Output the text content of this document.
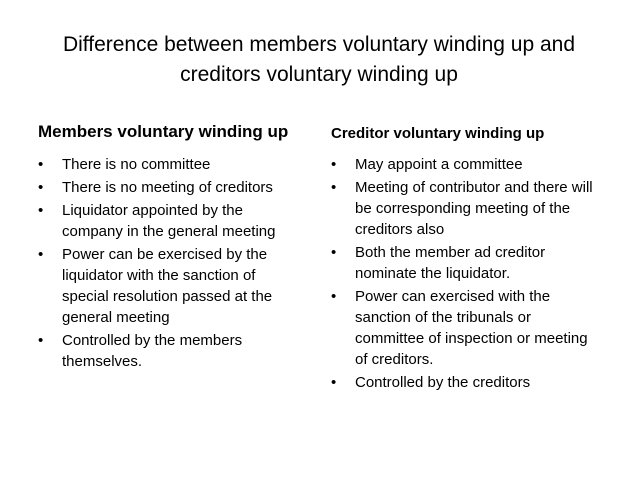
Difference between members voluntary winding up and
creditors voluntary winding up
Members voluntary winding up	Creditor voluntary winding up
• There is no committee
• There is no meeting of creditors
• Liquidator appointed by the company in the general meeting
• Power can be exercised by the liquidator with the sanction of special resolution passed at the general meeting
• Controlled by the members themselves.
• May appoint a committee
• Meeting of contributor and there will be corresponding meeting of the creditors also
• Both the member ad creditor nominate the liquidator.
• Power can exercised with the sanction of the tribunals or committee of inspection or meeting of creditors.
• Controlled by the creditors
